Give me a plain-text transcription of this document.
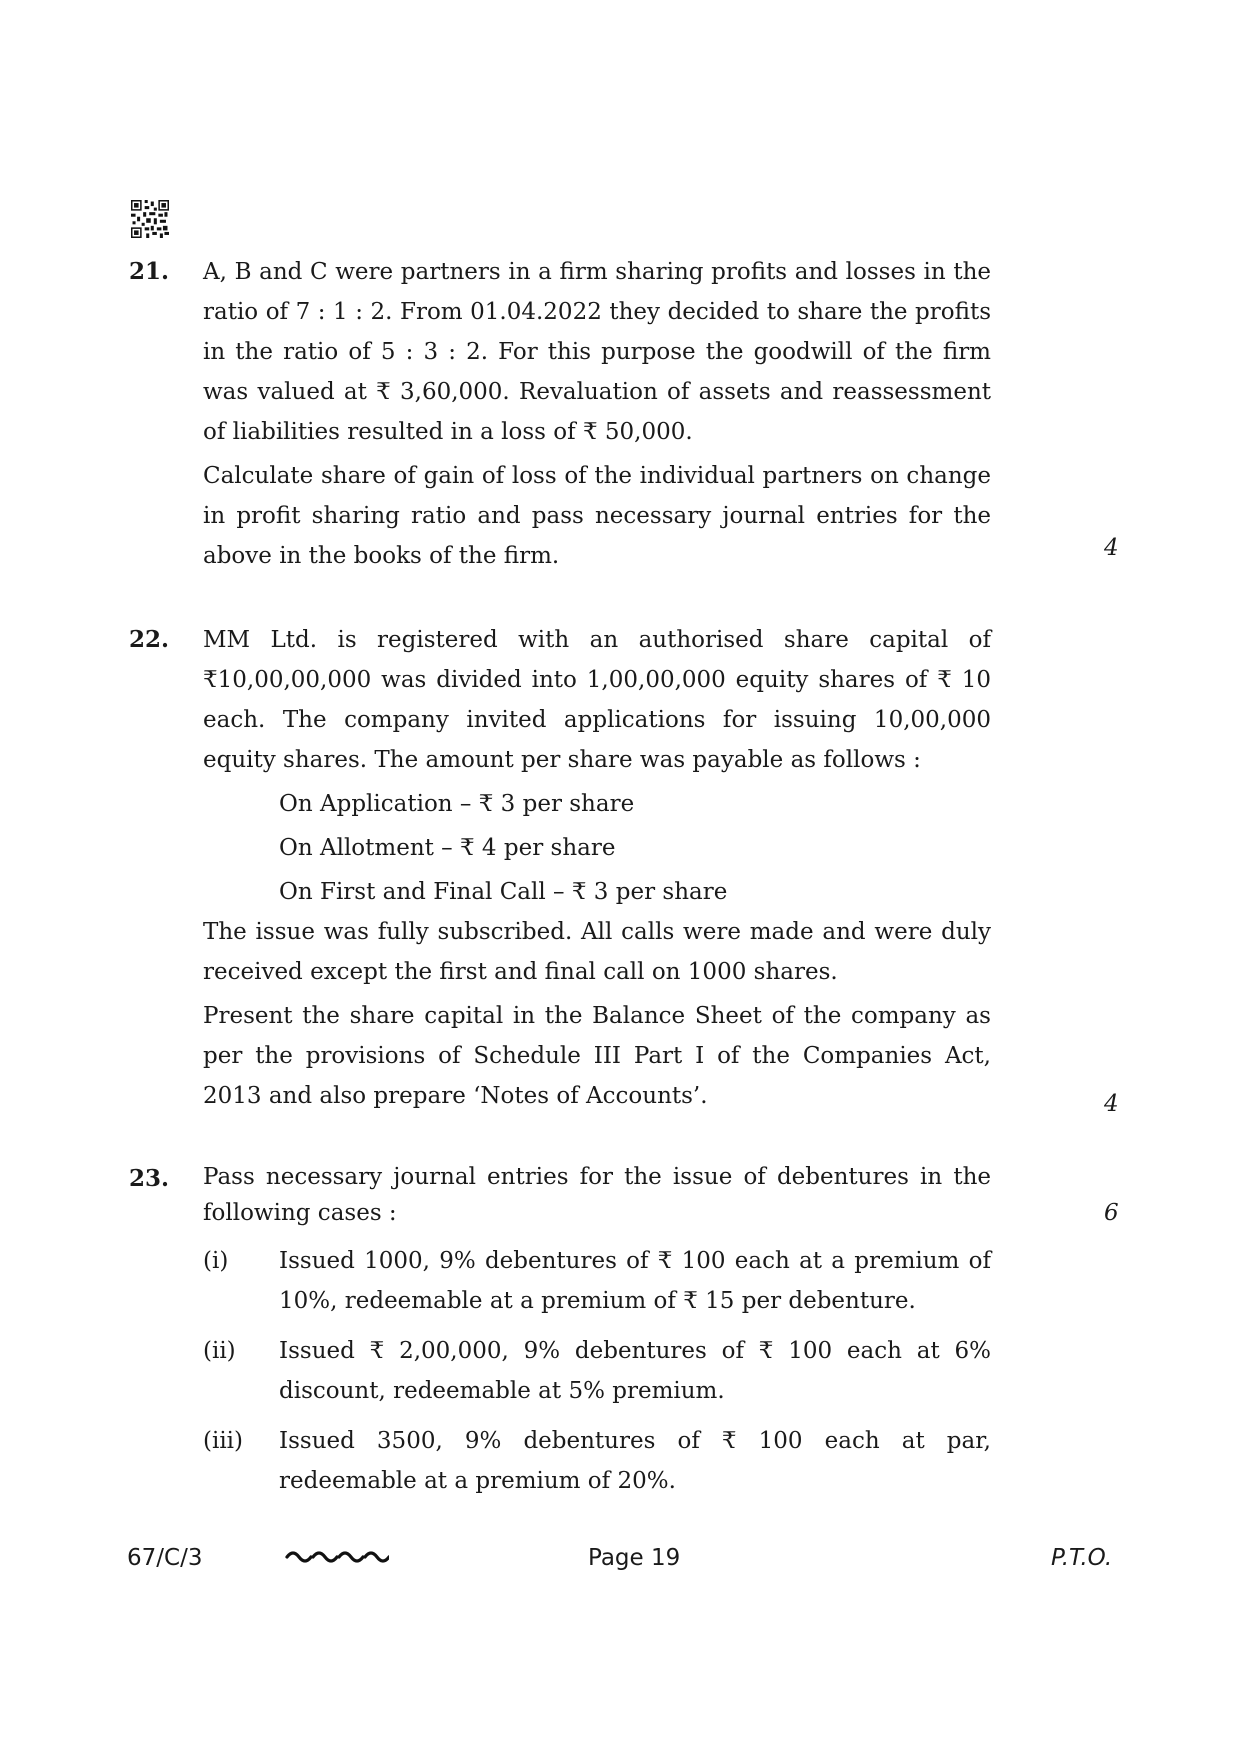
21. A, B and C were partners in a firm sharing profits and losses in the ratio of 7 : 1 : 2. From 01.04.2022 they decided to share the profits in the ratio of 5 : 3 : 2. For this purpose the goodwill of the firm was valued at ₹ 3,60,000. Revaluation of assets and reassessment of liabilities resulted in a loss of ₹ 50,000.

Calculate share of gain of loss of the individual partners on change in profit sharing ratio and pass necessary journal entries for the above in the books of the firm.	4
22. MM Ltd. is registered with an authorised share capital of ₹10,00,00,000 was divided into 1,00,00,000 equity shares of ₹ 10 each. The company invited applications for issuing 10,00,000 equity shares. The amount per share was payable as follows :

On Application – ₹ 3 per share
On Allotment – ₹ 4 per share
On First and Final Call – ₹ 3 per share

The issue was fully subscribed. All calls were made and were duly received except the first and final call on 1000 shares.

Present the share capital in the Balance Sheet of the company as per the provisions of Schedule III Part I of the Companies Act, 2013 and also prepare ‘Notes of Accounts’.	4
23. Pass necessary journal entries for the issue of debentures in the following cases :

(i) Issued 1000, 9% debentures of ₹ 100 each at a premium of 10%, redeemable at a premium of ₹ 15 per debenture.
(ii) Issued ₹ 2,00,000, 9% debentures of ₹ 100 each at 6% discount, redeemable at 5% premium.
(iii) Issued 3500, 9% debentures of ₹ 100 each at par, redeemable at a premium of 20%.
6
67/C/3	Page 19	P.T.O.
